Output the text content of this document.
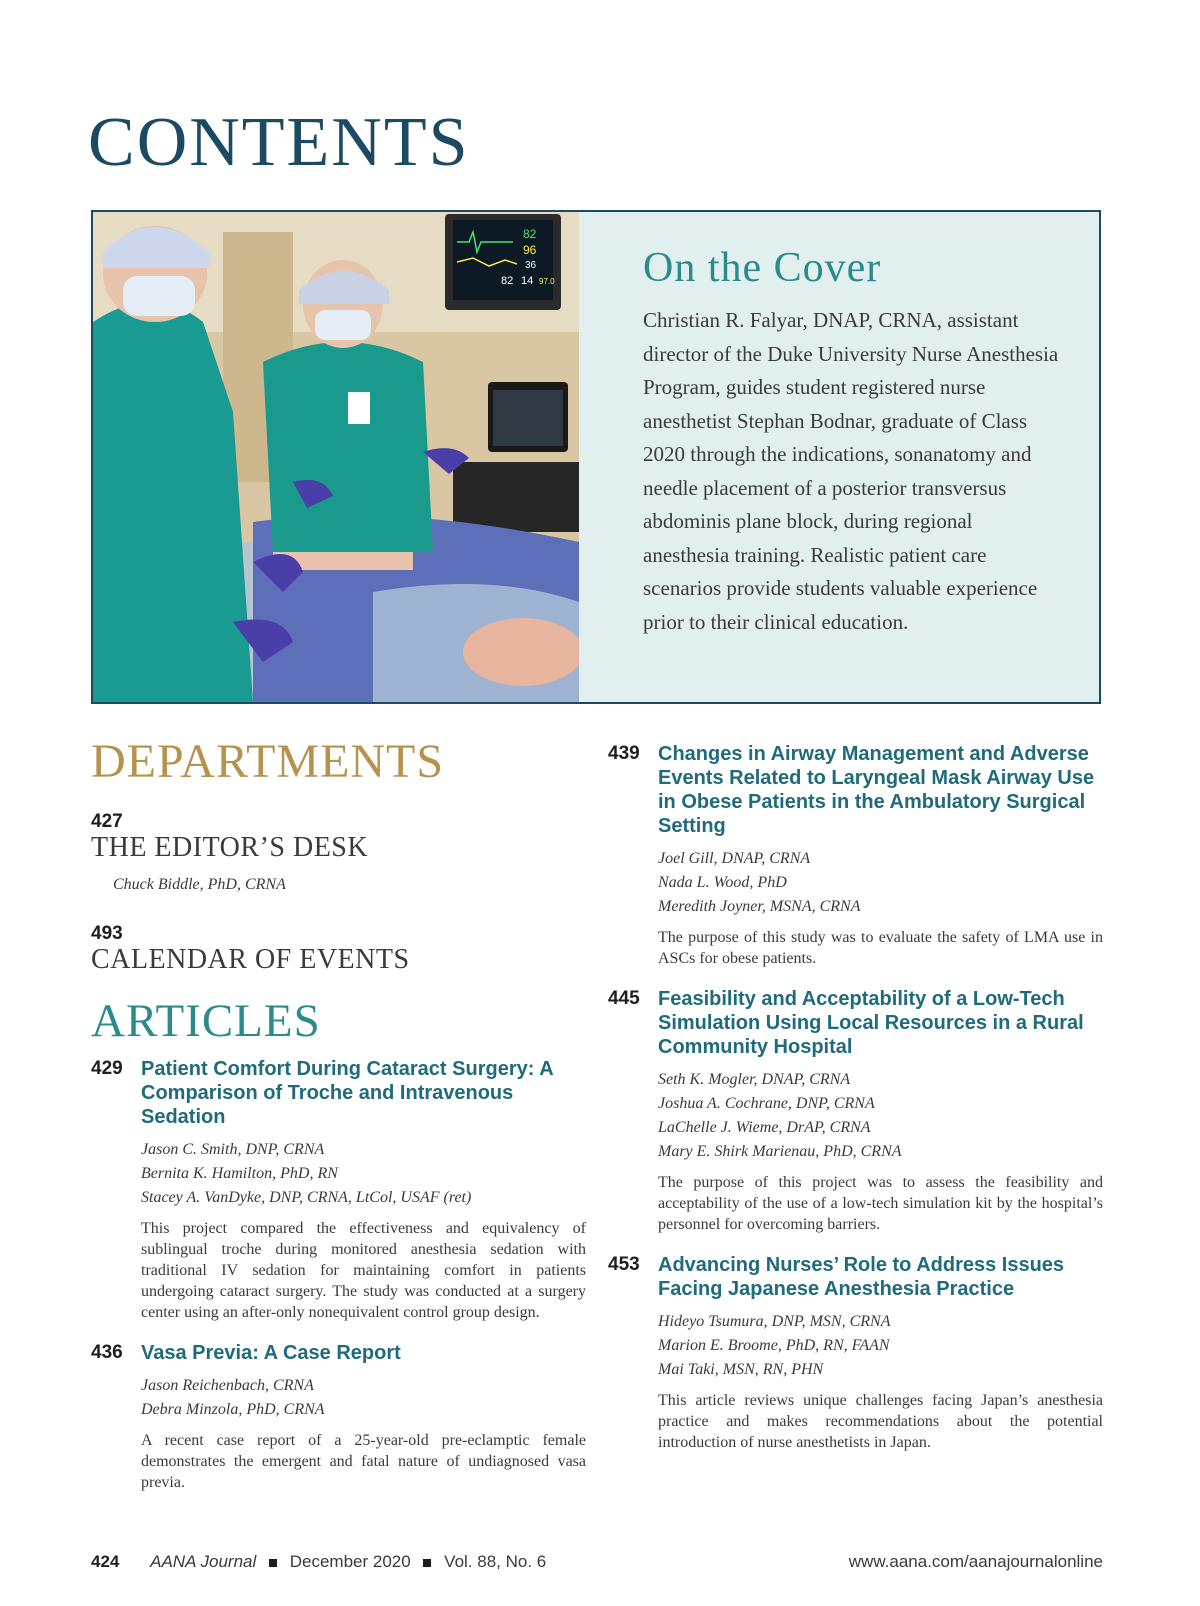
CONTENTS
82
96
36
82 14 97.0 On the Cover

Christian R. Falyar, DNAP, CRNA, assistant director of the Duke University Nurse Anesthesia Program, guides student registered nurse anesthetist Stephan Bodnar, graduate of Class 2020 through the indications, sonanatomy and needle placement of a posterior transversus abdominis plane block, during regional anesthesia training. Realistic patient care scenarios provide students valuable experience prior to their clinical education.

DEPARTMENTS
427
THE EDITOR’S DESK
Chuck Biddle, PhD, CRNA
493
CALENDAR OF EVENTS
ARTICLES
429 Patient Comfort During Cataract Surgery: A Comparison of Troche and Intravenous Sedation
Jason C. Smith, DNP, CRNA
Bernita K. Hamilton, PhD, RN
Stacey A. VanDyke, DNP, CRNA, LtCol, USAF (ret)

This project compared the effectiveness and equivalency of sublingual troche during monitored anesthesia sedation with traditional IV sedation for maintaining comfort in patients undergoing cataract surgery. The study was conducted at a surgery center using an after-only nonequivalent control group design.

436 Vasa Previa: A Case Report
Jason Reichenbach, CRNA
Debra Minzola, PhD, CRNA

A recent case report of a 25-year-old pre-eclamptic female demonstrates the emergent and fatal nature of undiagnosed vasa previa.

439 Changes in Airway Management and Adverse Events Related to Laryngeal Mask Airway Use in Obese Patients in the Ambulatory Surgical Setting
Joel Gill, DNAP, CRNA
Nada L. Wood, PhD
Meredith Joyner, MSNA, CRNA

The purpose of this study was to evaluate the safety of LMA use in ASCs for obese patients.

445 Feasibility and Acceptability of a Low-Tech Simulation Using Local Resources in a Rural Community Hospital
Seth K. Mogler, DNAP, CRNA
Joshua A. Cochrane, DNP, CRNA
LaChelle J. Wieme, DrAP, CRNA
Mary E. Shirk Marienau, PhD, CRNA

The purpose of this project was to assess the feasibility and acceptability of the use of a low-tech simulation kit by the hospital’s personnel for overcoming barriers.

453 Advancing Nurses’ Role to Address Issues Facing Japanese Anesthesia Practice
Hideyo Tsumura, DNP, MSN, CRNA
Marion E. Broome, PhD, RN, FAAN
Mai Taki, MSN, RN, PHN

This article reviews unique challenges facing Japan’s anesthesia practice and makes recommendations about the potential introduction of nurse anesthetists in Japan.

424 AANA Journal December 2020 Vol. 88, No. 6	www.aana.com/aanajournalonline
